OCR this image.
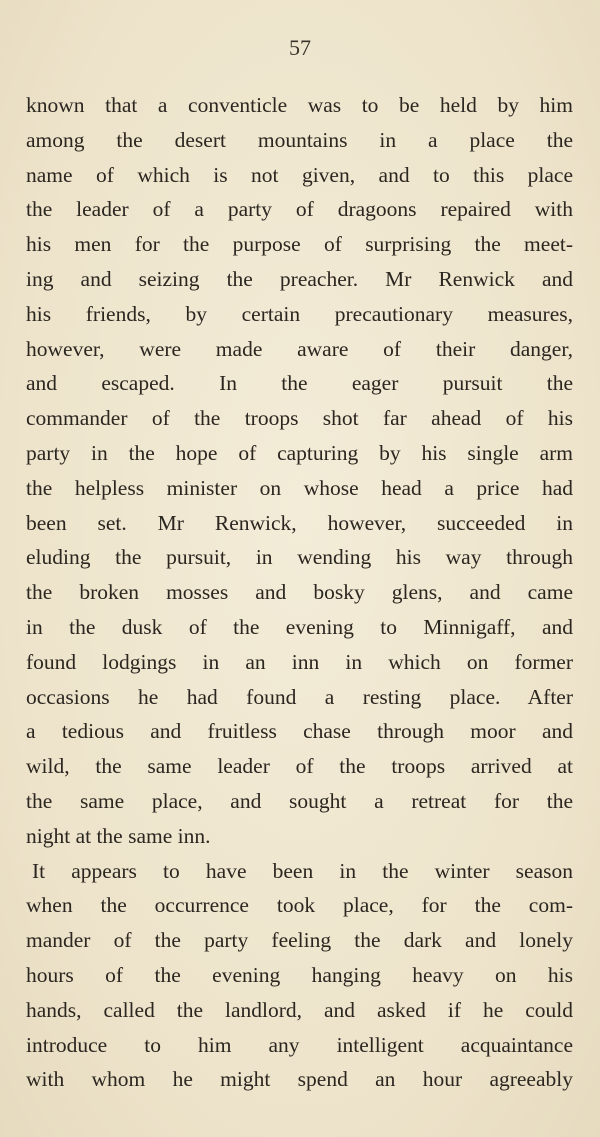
57
known that a conventicle was to be held by him
among the desert mountains in a place the
name of which is not given, and to this place
the leader of a party of dragoons repaired with
his men for the purpose of surprising the meet-
ing and seizing the preacher. Mr Renwick and
his friends, by certain precautionary measures,
however, were made aware of their danger,
and escaped. In the eager pursuit the
commander of the troops shot far ahead of his
party in the hope of capturing by his single arm
the helpless minister on whose head a price had
been set. Mr Renwick, however, succeeded in
eluding the pursuit, in wending his way through
the broken mosses and bosky glens, and came
in the dusk of the evening to Minnigaff, and
found lodgings in an inn in which on former
occasions he had found a resting place. After
a tedious and fruitless chase through moor and
wild, the same leader of the troops arrived at
the same place, and sought a retreat for the
night at the same inn.
It appears to have been in the winter season
when the occurrence took place, for the com-
mander of the party feeling the dark and lonely
hours of the evening hanging heavy on his
hands, called the landlord, and asked if he could
introduce to him any intelligent acquaintance
with whom he might spend an hour agreeably
